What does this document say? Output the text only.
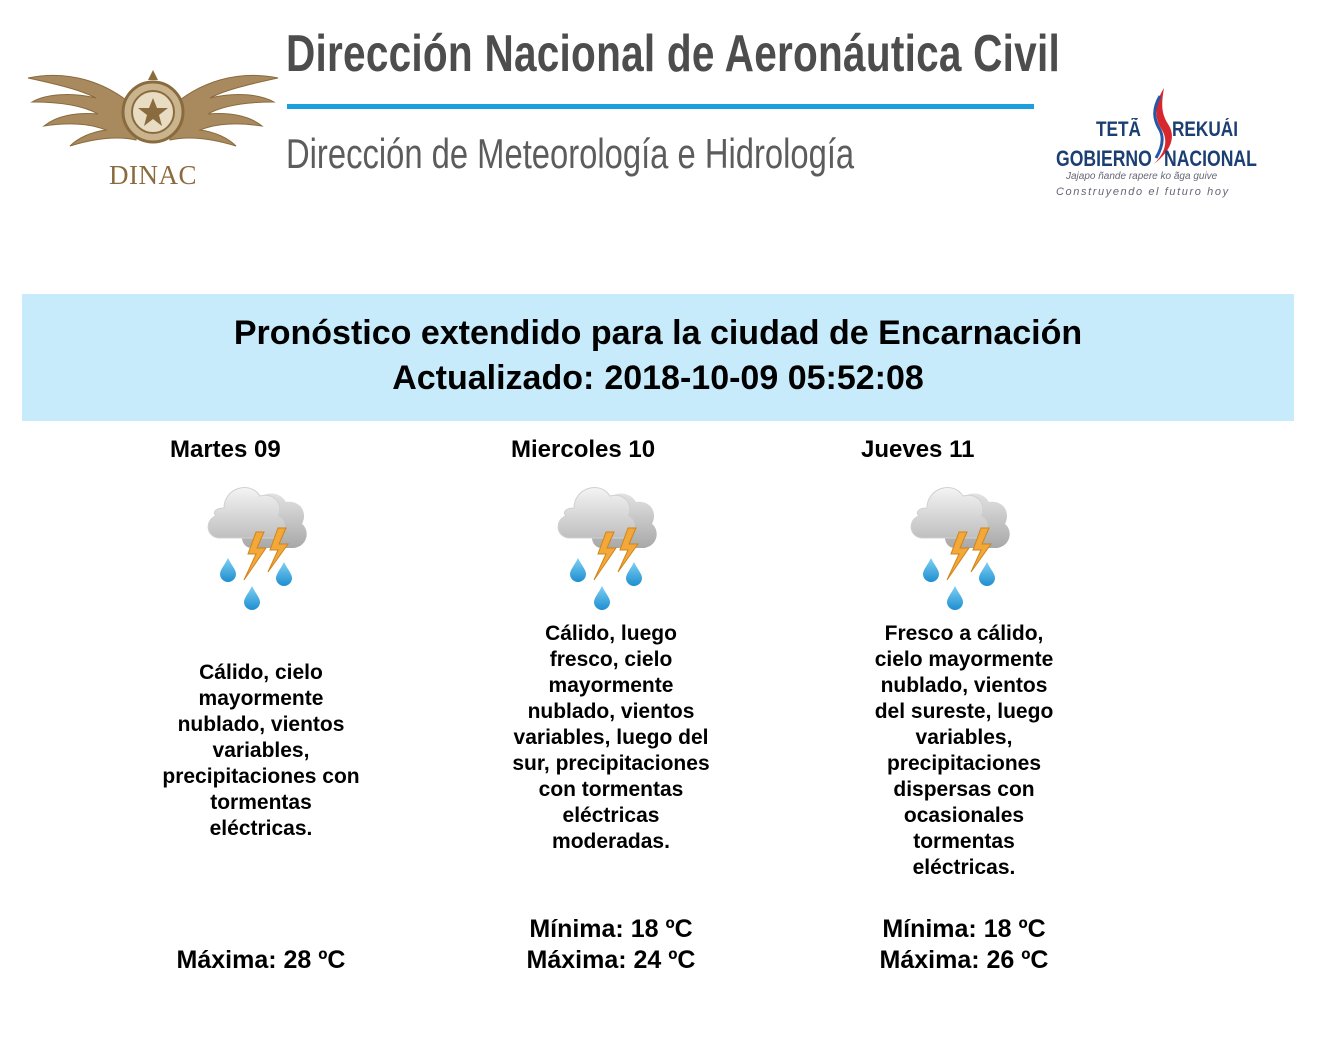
DINAC
Dirección Nacional de Aeronáutica Civil
Dirección de Meteorología e Hidrología
TETÃ REKUÁI
GOBIERNO NACIONAL
Jajapo ñande rapere ko ãga guive
Construyendo el futuro hoy
Pronóstico extendido para la ciudad de Encarnación
Actualizado: 2018-10-09 05:52:08
Martes 09
Cálido, cielo mayormente nublado, vientos variables, precipitaciones con tormentas eléctricas.
Máxima: 28 ºC
Miercoles 10
Cálido, luego fresco, cielo mayormente nublado, vientos variables, luego del sur, precipitaciones con tormentas eléctricas moderadas.
Mínima: 18 ºC
Máxima: 24 ºC
Jueves 11
Fresco a cálido, cielo mayormente nublado, vientos del sureste, luego variables, precipitaciones dispersas con ocasionales tormentas eléctricas.
Mínima: 18 ºC
Máxima: 26 ºC
